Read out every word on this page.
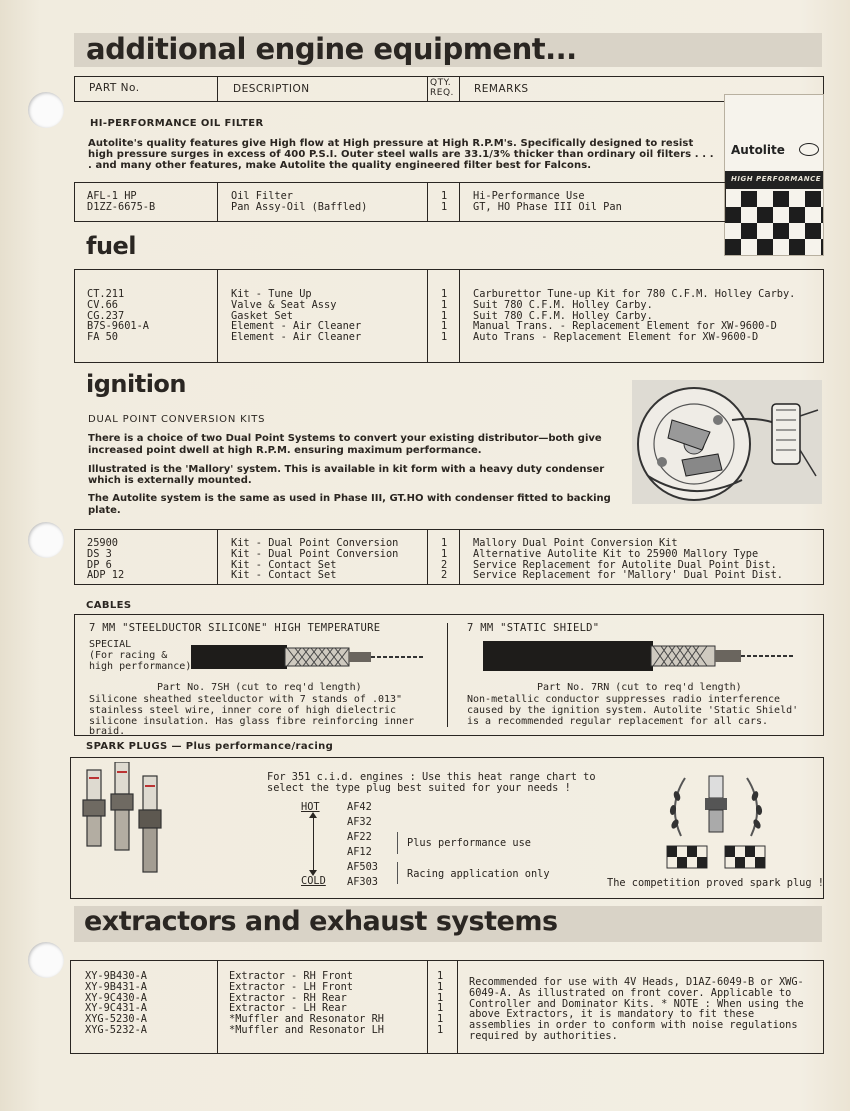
additional engine equipment...
PART No.	DESCRIPTION	QTY.
REQ. REMARKS
HI-PERFORMANCE OIL FILTER
Autolite's quality features give High flow at High pressure at High R.P.M's. Specifically designed to resist high pressure surges in excess of 400 P.S.I. Outer steel walls are 33.1/3% thicker than ordinary oil filters . . . . and many other features, make Autolite the quality engineered filter best for Falcons.
Autolite
HIGH PERFORMANCE
AFL-1 HP
D1ZZ-6675-B
Oil Filter
Pan Assy-Oil (Baffled)
1
1
Hi-Performance Use
GT, HO Phase III Oil Pan
fuel
CT.211
CV.66
CG.237
B7S-9601-A
FA 50
Kit - Tune Up
Valve & Seat Assy
Gasket Set
Element - Air Cleaner
Element - Air Cleaner
1
1
1
1
1
Carburettor Tune-up Kit for 780 C.F.M. Holley Carby.
Suit 780 C.F.M. Holley Carby.
Suit 780 C.F.M. Holley Carby.
Manual Trans. - Replacement Element for XW-9600-D
Auto Trans - Replacement Element for XW-9600-D
ignition
DUAL POINT CONVERSION KITS
There is a choice of two Dual Point Systems to convert your existing distributor—both give increased point dwell at high R.P.M. ensuring maximum performance.
Illustrated is the 'Mallory' system. This is available in kit form with a heavy duty condenser which is externally mounted.
The Autolite system is the same as used in Phase III, GT.HO with condenser fitted to backing plate.
25900
DS 3
DP 6
ADP 12
Kit - Dual Point Conversion
Kit - Dual Point Conversion
Kit - Contact Set
Kit - Contact Set
1
1
2
2
Mallory Dual Point Conversion Kit
Alternative Autolite Kit to 25900 Mallory Type
Service Replacement for Autolite Dual Point Dist.
Service Replacement for 'Mallory' Dual Point Dist.
CABLES
7 MM "STEELDUCTOR SILICONE" HIGH TEMPERATURE
SPECIAL
(For racing &
high performance)
Part No. 7SH (cut to req'd length)
Silicone sheathed steelductor with 7 stands of .013" stainless steel wire, inner core of high dielectric silicone insulation. Has glass fibre reinforcing inner braid.
7 MM "STATIC SHIELD"
Part No. 7RN (cut to req'd length)
Non-metallic conductor suppresses radio interference caused by the ignition system. Autolite 'Static Shield' is a recommended regular replacement for all cars.
SPARK PLUGS — Plus performance/racing
For 351 c.i.d. engines : Use this heat range chart to select the type plug best suited for your needs !
HOT
COLD
AF42
AF32
AF22
AF12
AF503
AF303
Plus performance use
Racing application only
The competition proved spark plug !
extractors and exhaust systems
XY-9B430-A
XY-9B431-A
XY-9C430-A
XY-9C431-A
XYG-5230-A
XYG-5232-A
Extractor - RH Front
Extractor - LH Front
Extractor - RH Rear
Extractor - LH Rear
*Muffler and Resonator RH
*Muffler and Resonator LH
1
1
1
1
1
1
Recommended for use with 4V Heads, D1AZ-6049-B or XWG-6049-A. As illustrated on front cover. Applicable to Controller and Dominator Kits. * NOTE : When using the above Extractors, it is mandatory to fit these assemblies in order to conform with noise regulations required by authorities.
